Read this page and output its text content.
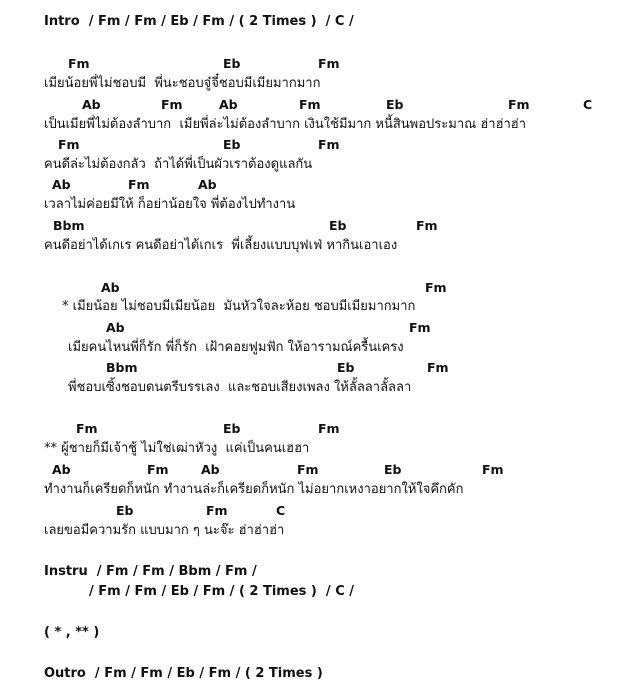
Intro  / Fm / Fm / Eb / Fm / ( 2 Times )  / C /
Fm	Eb	Fm
เมียน้อยพี่ไม่ชอบมี  พี่นะชอบจู๋จี๋ชอบมีเมียมากมาก
Ab	Fm	Ab	Fm	Eb	Fm	C
เป็นเมียพี่ไม่ต้องลำบาก  เมียพี่ล่ะไม่ต้องลำบาก เงินใช้มีมาก หนี้สินพอประมาณ ฮ่าฮ่าฮ่า
Fm	Eb	Fm
คนดีล่ะไม่ต้องกลัว  ถ้าได้พี่เป็นผัวเราต้องดูแลกัน
Ab	Fm	Ab
เวลาไม่ค่อยมีให้ ก็อย่าน้อยใจ พี่ต้องไปทำงาน
Bbm	Eb	Fm
คนดีอย่าได้เกเร คนดีอย่าได้เกเร  พี่เลี้ยงแบบบุฟเฟ่ หากินเอาเอง
Ab	Fm
* เมียน้อย ไม่ชอบมีเมียน้อย  มันหัวใจละห้อย ชอบมีเมียมากมาก
Ab	Fm
เมียคนไหนพี่ก็รัก พี่ก็รัก  เฝ้าคอยฟูมฟัก ให้อารามณ์ครื้นเครง
Bbm	Eb	Fm
พี่ชอบเซิ้งชอบดนตรีบรรเลง  และชอบเสียงเพลง ให้ลั้ลลาลั้ลลา
Fm	Eb	Fm
** ผู้ชายก็มีเจ้าชู้ ไม่ใช่เฒ่าหัวงู  แค่เป็นคนเฮฮา
Ab	Fm	Ab	Fm	Eb	Fm
ทำงานก็เครียดก็หนัก ทำงานล่ะก็เครียดก็หนัก ไม่อยากเหงาอยากให้ใจคึกคัก
Eb	Fm	C
เลยขอมีความรัก แบบมาก ๆ นะจ๊ะ ฮ่าฮ่าฮ่า
Instru  / Fm / Fm / Bbm / Fm /
/ Fm / Fm / Eb / Fm / ( 2 Times )  / C /
( * , ** )
Outro  / Fm / Fm / Eb / Fm / ( 2 Times )
